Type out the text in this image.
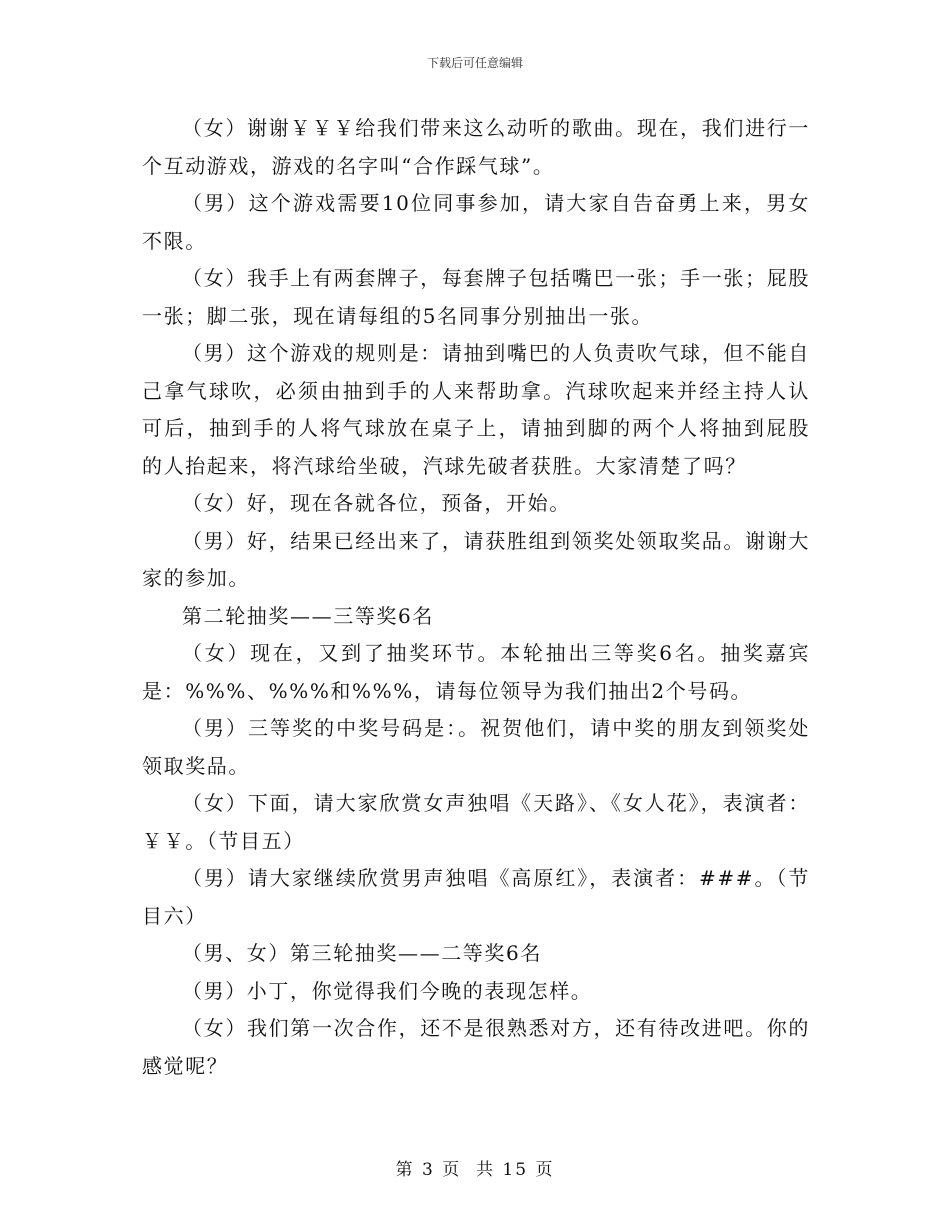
下载后可任意编辑

（女）谢谢￥￥￥给我们带来这么动听的歌曲。现在，我们进行一个互动游戏，游戏的名字叫“合作踩气球”。

（男）这个游戏需要10位同事参加，请大家自告奋勇上来，男女不限。

（女）我手上有两套牌子，每套牌子包括嘴巴一张；手一张；屁股一张；脚二张，现在请每组的5名同事分别抽出一张。

（男）这个游戏的规则是：请抽到嘴巴的人负责吹气球，但不能自己拿气球吹，必须由抽到手的人来帮助拿。汽球吹起来并经主持人认可后，抽到手的人将气球放在桌子上，请抽到脚的两个人将抽到屁股的人抬起来，将汽球给坐破，汽球先破者获胜。大家清楚了吗？

（女）好，现在各就各位，预备，开始。

（男）好，结果已经出来了，请获胜组到领奖处领取奖品。谢谢大家的参加。

第二轮抽奖——三等奖6名

（女）现在，又到了抽奖环节。本轮抽出三等奖6名。抽奖嘉宾是：%%%、%%%和%%%，请每位领导为我们抽出2个号码。

（男）三等奖的中奖号码是：。祝贺他们，请中奖的朋友到领奖处领取奖品。

（女）下面，请大家欣赏女声独唱《天路》、《女人花》，表演者：￥￥。（节目五）

（男）请大家继续欣赏男声独唱《高原红》，表演者：###。（节目六）

（男、女）第三轮抽奖——二等奖6名

（男）小丁，你觉得我们今晚的表现怎样。

（女）我们第一次合作，还不是很熟悉对方，还有待改进吧。你的感觉呢？

第 3 页  共 15 页
